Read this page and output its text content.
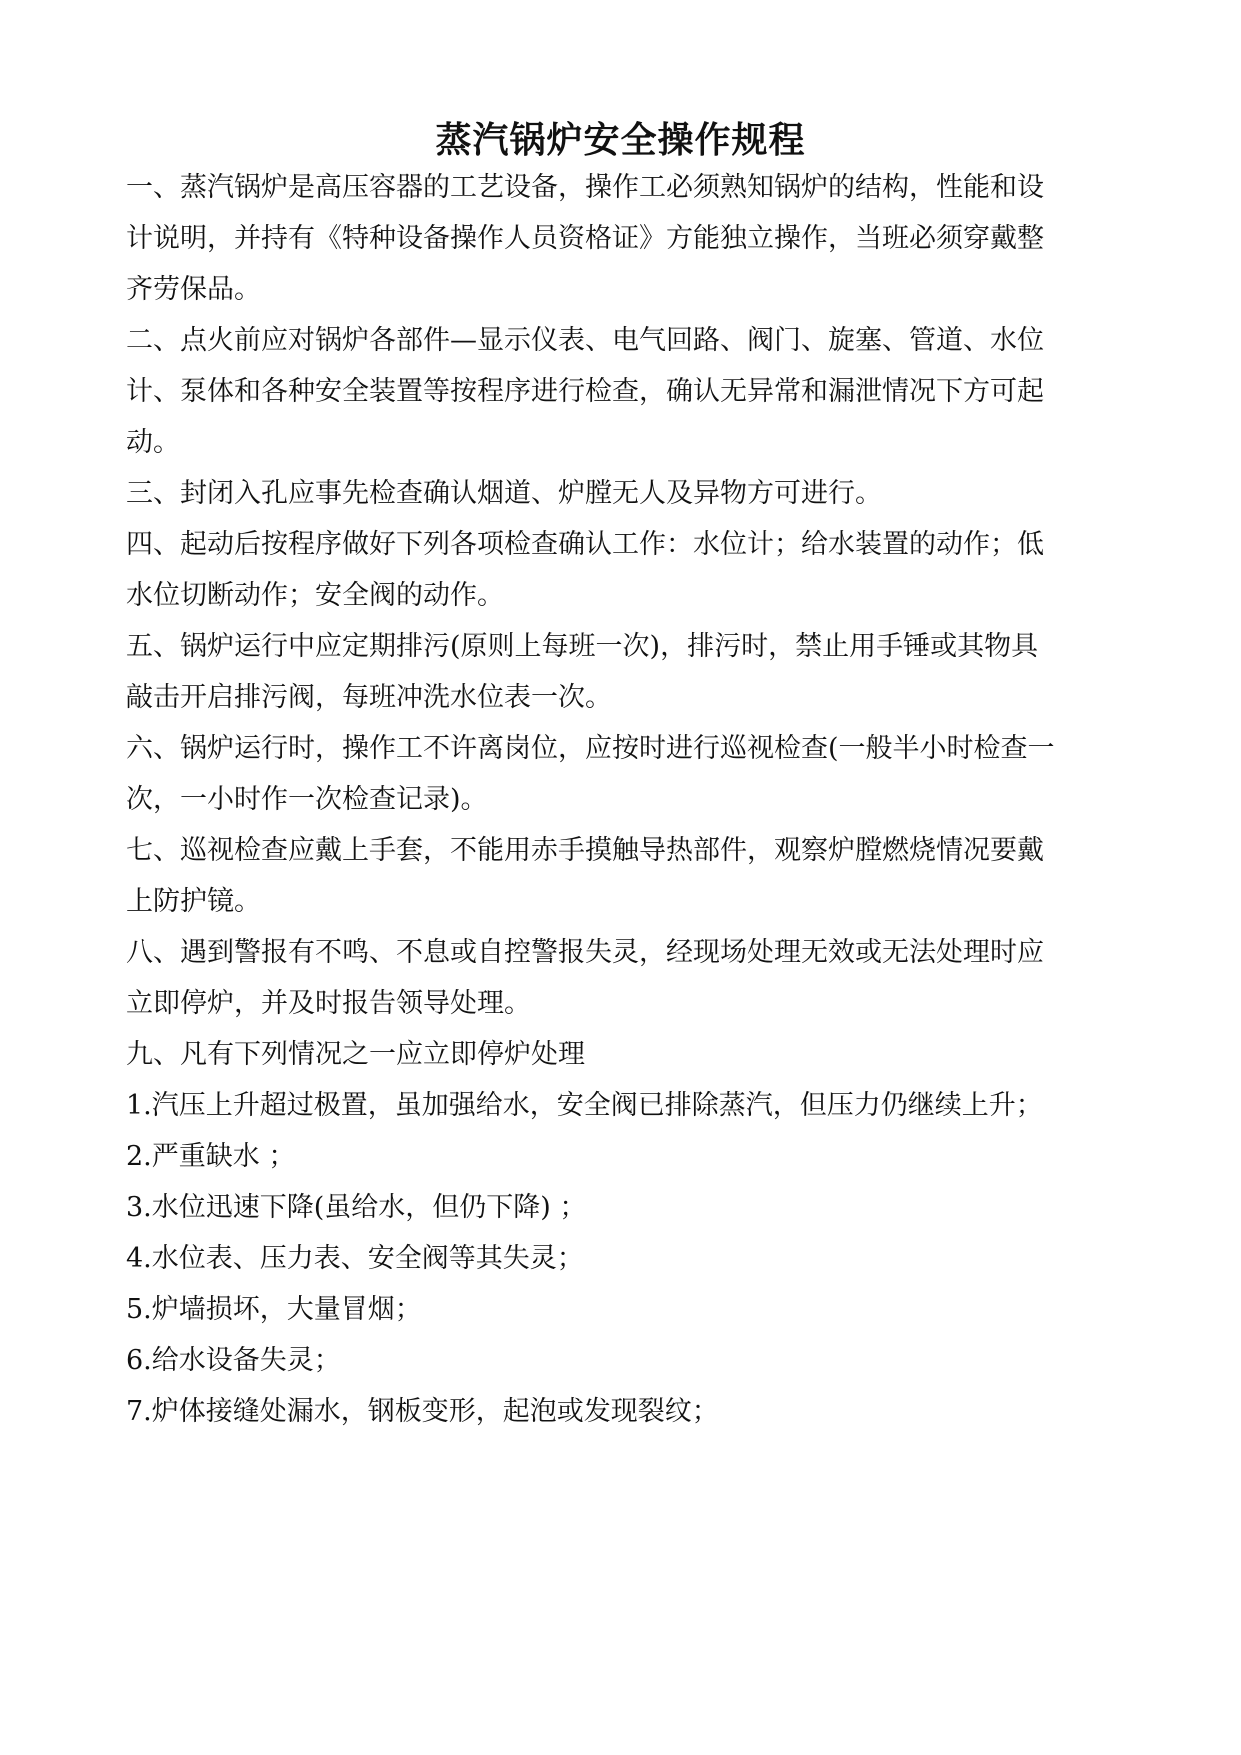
蒸汽锅炉安全操作规程

一、蒸汽锅炉是高压容器的工艺设备，操作工必须熟知锅炉的结构，性能和设

计说明，并持有《特种设备操作人员资格证》方能独立操作，当班必须穿戴整

齐劳保品。

二、点火前应对锅炉各部件—显示仪表、电气回路、阀门、旋塞、管道、水位

计、泵体和各种安全装置等按程序进行检查，确认无异常和漏泄情况下方可起

动。

三、封闭入孔应事先检查确认烟道、炉膛无人及异物方可进行。

四、起动后按程序做好下列各项检查确认工作：水位计；给水装置的动作；低

水位切断动作；安全阀的动作。

五、锅炉运行中应定期排污(原则上每班一次)，排污时，禁止用手锤或其物具

敲击开启排污阀，每班冲洗水位表一次。

六、锅炉运行时，操作工不许离岗位，应按时进行巡视检查(一般半小时检查一

次，一小时作一次检查记录)。

七、巡视检查应戴上手套，不能用赤手摸触导热部件，观察炉膛燃烧情况要戴

上防护镜。

八、遇到警报有不鸣、不息或自控警报失灵，经现场处理无效或无法处理时应

立即停炉，并及时报告领导处理。

九、凡有下列情况之一应立即停炉处理

1.汽压上升超过极置，虽加强给水，安全阀已排除蒸汽，但压力仍继续上升；

2.严重缺水 ；

3.水位迅速下降(虽给水，但仍下降) ；

4.水位表、压力表、安全阀等其失灵；

5.炉墙损坏，大量冒烟；

6.给水设备失灵；

7.炉体接缝处漏水，钢板变形，起泡或发现裂纹；
